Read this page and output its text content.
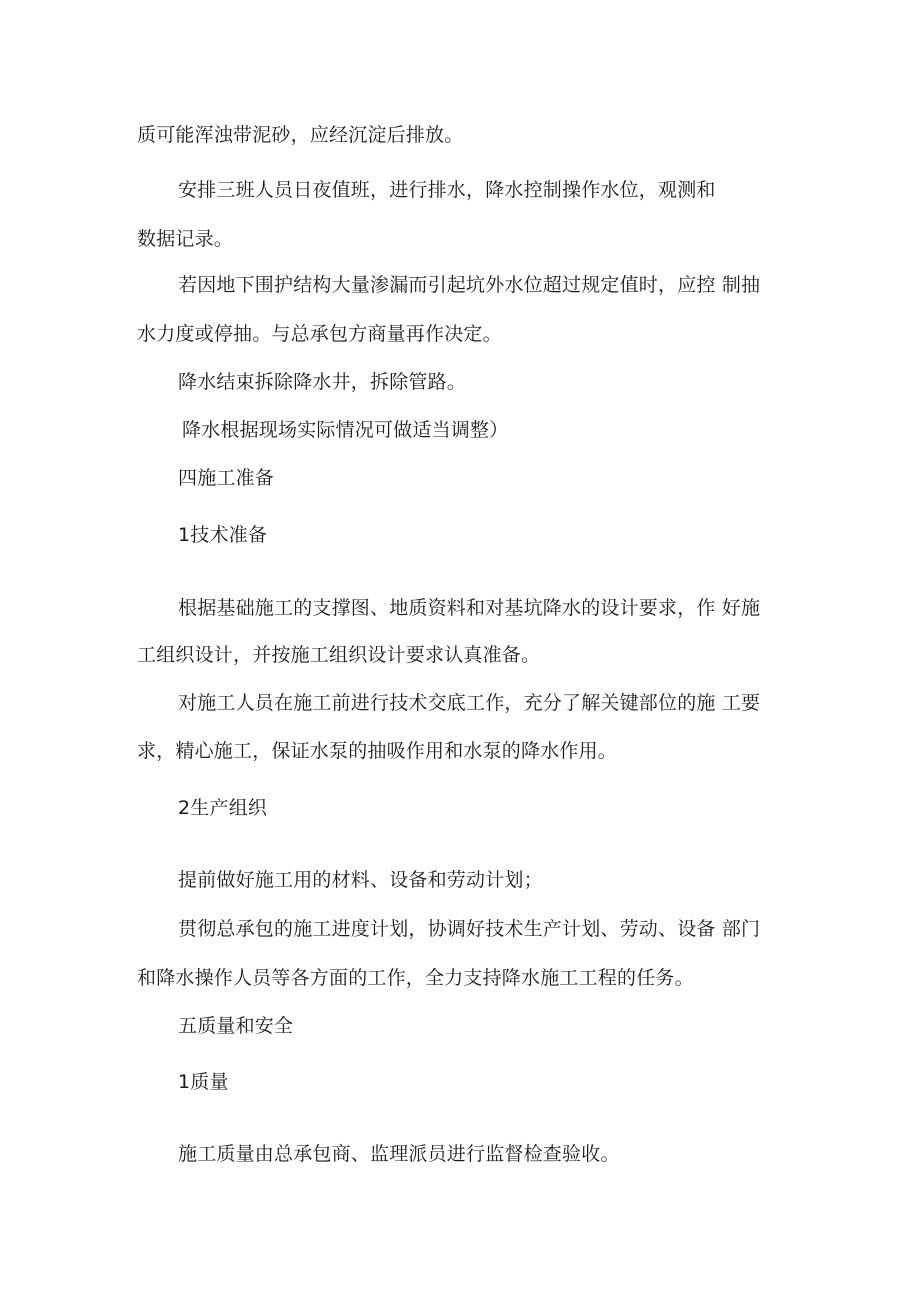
质可能浑浊带泥砂，应经沉淀后排放。
安排三班人员日夜值班，进行排水，降水控制操作水位，观测和
数据记录。
若因地下围护结构大量渗漏而引起坑外水位超过规定值时，应控 制抽
水力度或停抽。与总承包方商量再作决定。
降水结束拆除降水井，拆除管路。
降水根据现场实际情况可做适当调整）
四施工准备
1技术准备
根据基础施工的支撑图、地质资料和对基坑降水的设计要求，作 好施
工组织设计，并按施工组织设计要求认真准备。
对施工人员在施工前进行技术交底工作，充分了解关键部位的施 工要
求，精心施工，保证水泵的抽吸作用和水泵的降水作用。
2生产组织
提前做好施工用的材料、设备和劳动计划；
贯彻总承包的施工进度计划，协调好技术生产计划、劳动、设备 部门
和降水操作人员等各方面的工作，全力支持降水施工工程的任务。
五质量和安全
1质量
施工质量由总承包商、监理派员进行监督检查验收。
